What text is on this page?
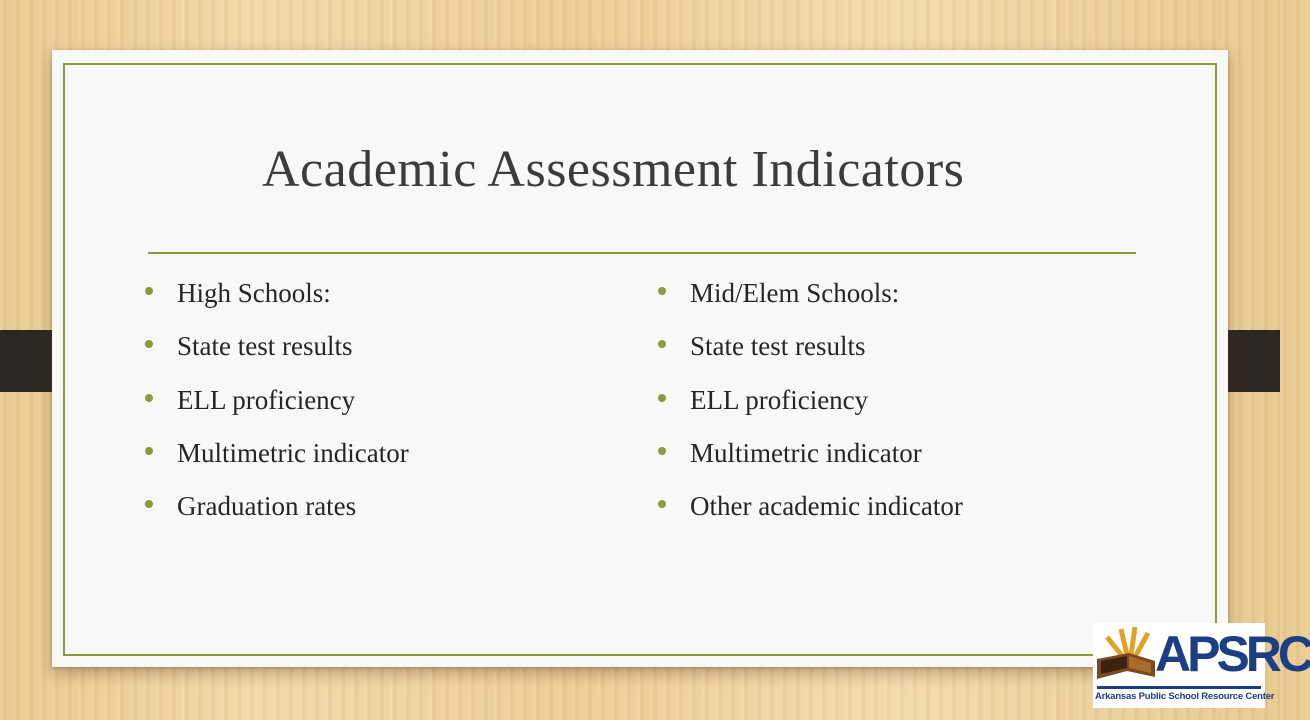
Academic Assessment Indicators
High Schools:
State test results
ELL proficiency
Multimetric indicator
Graduation rates
Mid/Elem Schools:
State test results
ELL proficiency
Multimetric indicator
Other academic indicator
APSRC
Arkansas Public School Resource Center
